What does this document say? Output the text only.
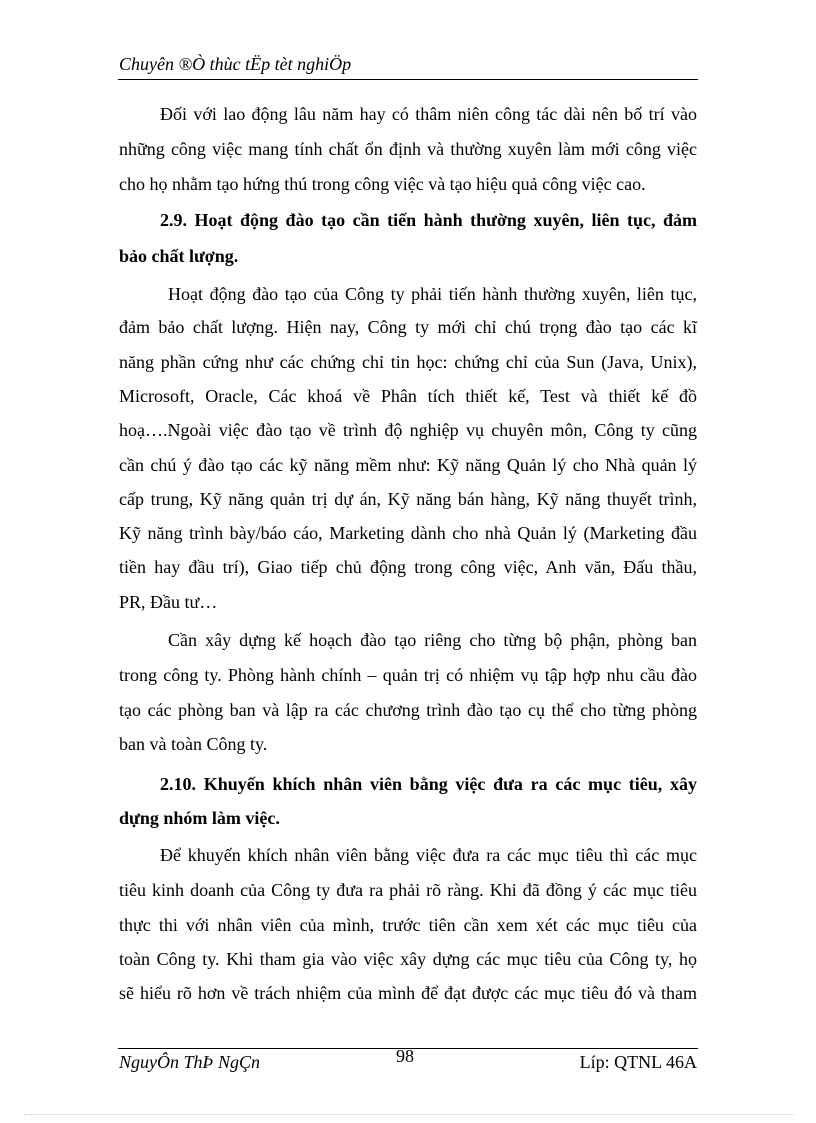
Chuyên ®Ò thùc tËp tèt nghiÖp
Đối với lao động lâu năm hay có thâm niên công tác dài nên bố trí vào
những công việc mang tính chất ổn định và thường xuyên làm mới công việc
cho họ nhằm tạo hứng thú trong công việc và tạo hiệu quả công việc cao.
2.9. Hoạt động đào tạo cần tiến hành thường xuyên, liên tục, đảm
bảo chất lượng.
Hoạt động đào tạo của Công ty phải tiến hành thường xuyên, liên tục,
đảm bảo chất lượng. Hiện nay, Công ty mới chỉ chú trọng đào tạo các kĩ
năng phần cứng như các chứng chỉ tin học: chứng chỉ của Sun (Java, Unix),
Microsoft, Oracle, Các khoá về Phân tích thiết kế, Test và thiết kế đồ
hoạ….Ngoài việc đào tạo về trình độ nghiệp vụ chuyên môn, Công ty cũng
cần chú ý đào tạo các kỹ năng mềm như: Kỹ năng Quản lý cho Nhà quản lý
cấp trung, Kỹ năng quản trị dự án, Kỹ năng bán hàng, Kỹ năng thuyết trình,
Kỹ năng trình bày/báo cáo, Marketing dành cho nhà Quản lý (Marketing đầu
tiền hay đầu trí), Giao tiếp chủ động trong công việc, Anh văn, Đấu thầu,
PR, Đầu tư…
Cần xây dựng kế hoạch đào tạo riêng cho từng bộ phận, phòng ban
trong công ty. Phòng hành chính – quản trị có nhiệm vụ tập hợp nhu cầu đào
tạo các phòng ban và lập ra các chương trình đào tạo cụ thể cho từng phòng
ban và toàn Công ty.
2.10. Khuyến khích nhân viên bằng việc đưa ra các mục tiêu, xây
dựng nhóm làm việc.
Để khuyến khích nhân viên bằng việc đưa ra các mục tiêu thì các mục
tiêu kinh doanh của Công ty đưa ra phải rõ ràng. Khi đã đồng ý các mục tiêu
thực thi với nhân viên của mình, trước tiên cần xem xét các mục tiêu của
toàn Công ty. Khi tham gia vào việc xây dựng các mục tiêu của Công ty, họ
sẽ hiểu rõ hơn về trách nhiệm của mình để đạt được các mục tiêu đó và tham
NguyÔn ThÞ NgÇn	98	Líp: QTNL 46A
